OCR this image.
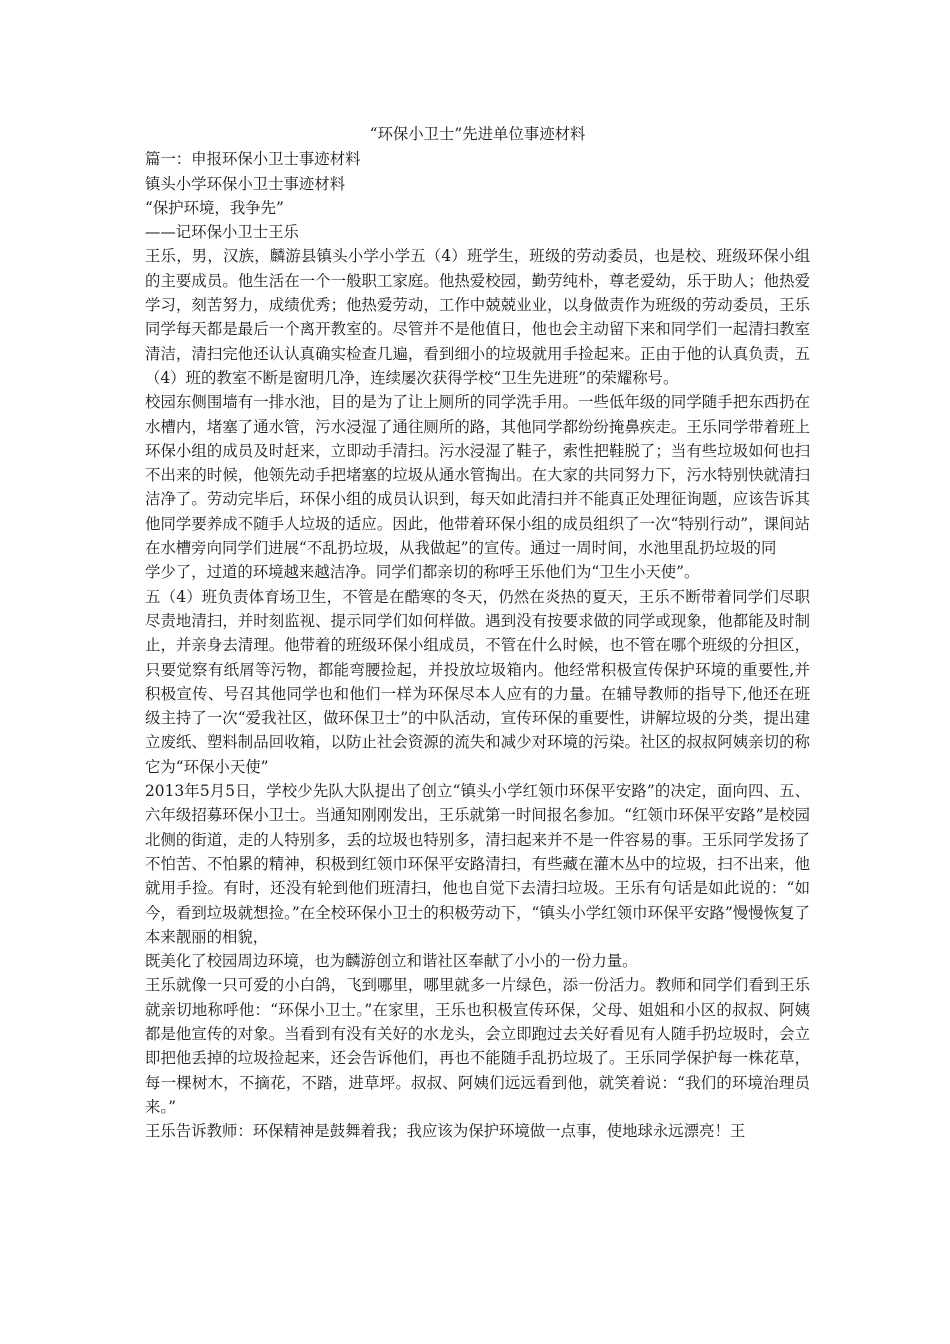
“环保小卫士”先进单位事迹材料

篇一：申报环保小卫士事迹材料

镇头小学环保小卫士事迹材料

“保护环境，我争先”

——记环保小卫士王乐

王乐，男，汉族，麟游县镇头小学小学五（4）班学生，班级的劳动委员，也是校、班级环保小组的主要成员。他生活在一个一般职工家庭。他热爱校园，勤劳纯朴，尊老爱幼，乐于助人；他热爱学习，刻苦努力，成绩优秀；他热爱劳动，工作中兢兢业业，以身做责作为班级的劳动委员，王乐同学每天都是最后一个离开教室的。尽管并不是他值日，他也会主动留下来和同学们一起清扫教室清洁，清扫完他还认认真确实检查几遍，看到细小的垃圾就用手捡起来。正由于他的认真负责，五（4）班的教室不断是窗明几净，连续屡次获得学校“卫生先进班”的荣耀称号。

校园东侧围墙有一排水池，目的是为了让上厕所的同学洗手用。一些低年级的同学随手把东西扔在水槽内，堵塞了通水管，污水浸湿了通往厕所的路，其他同学都纷纷掩鼻疾走。王乐同学带着班上环保小组的成员及时赶来，立即动手清扫。污水浸湿了鞋子，索性把鞋脱了；当有些垃圾如何也扫不出来的时候，他领先动手把堵塞的垃圾从通水管掏出。在大家的共同努力下，污水特别快就清扫洁净了。劳动完毕后，环保小组的成员认识到，每天如此清扫并不能真正处理征询题，应该告诉其他同学要养成不随手人垃圾的适应。因此，他带着环保小组的成员组织了一次“特别行动”，课间站在水槽旁向同学们进展“不乱扔垃圾，从我做起”的宣传。通过一周时间，水池里乱扔垃圾的同

学少了，过道的环境越来越洁净。同学们都亲切的称呼王乐他们为“卫生小天使”。

五（4）班负责体育场卫生，不管是在酷寒的冬天，仍然在炎热的夏天，王乐不断带着同学们尽职尽责地清扫，并时刻监视、提示同学们如何样做。遇到没有按要求做的同学或现象，他都能及时制止，并亲身去清理。他带着的班级环保小组成员，不管在什么时候，也不管在哪个班级的分担区，只要觉察有纸屑等污物，都能弯腰捡起，并投放垃圾箱内。他经常积极宣传保护环境的重要性,并积极宣传、号召其他同学也和他们一样为环保尽本人应有的力量。在辅导教师的指导下,他还在班级主持了一次“爱我社区，做环保卫士”的中队活动，宣传环保的重要性，讲解垃圾的分类，提出建立废纸、塑料制品回收箱，以防止社会资源的流失和减少对环境的污染。社区的叔叔阿姨亲切的称它为“环保小天使”

2013年5月5日，学校少先队大队提出了创立“镇头小学红领巾环保平安路”的决定，面向四、五、六年级招募环保小卫士。当通知刚刚发出，王乐就第一时间报名参加。“红领巾环保平安路”是校园北侧的街道，走的人特别多，丢的垃圾也特别多，清扫起来并不是一件容易的事。王乐同学发扬了不怕苦、不怕累的精神，积极到红领巾环保平安路清扫，有些藏在灌木丛中的垃圾，扫不出来，他就用手捡。有时，还没有轮到他们班清扫，他也自觉下去清扫垃圾。王乐有句话是如此说的：“如今，看到垃圾就想捡。”在全校环保小卫士的积极劳动下，“镇头小学红领巾环保平安路”慢慢恢复了本来靓丽的相貌，

既美化了校园周边环境，也为麟游创立和谐社区奉献了小小的一份力量。

王乐就像一只可爱的小白鸽，飞到哪里，哪里就多一片绿色，添一份活力。教师和同学们看到王乐就亲切地称呼他：“环保小卫士。”在家里，王乐也积极宣传环保，父母、姐姐和小区的叔叔、阿姨都是他宣传的对象。当看到有没有关好的水龙头，会立即跑过去关好看见有人随手扔垃圾时，会立即把他丢掉的垃圾捡起来，还会告诉他们，再也不能随手乱扔垃圾了。王乐同学保护每一株花草，每一棵树木，不摘花，不踏，进草坪。叔叔、阿姨们远远看到他，就笑着说：“我们的环境治理员来。”

王乐告诉教师：环保精神是鼓舞着我；我应该为保护环境做一点事，使地球永远漂亮！王
